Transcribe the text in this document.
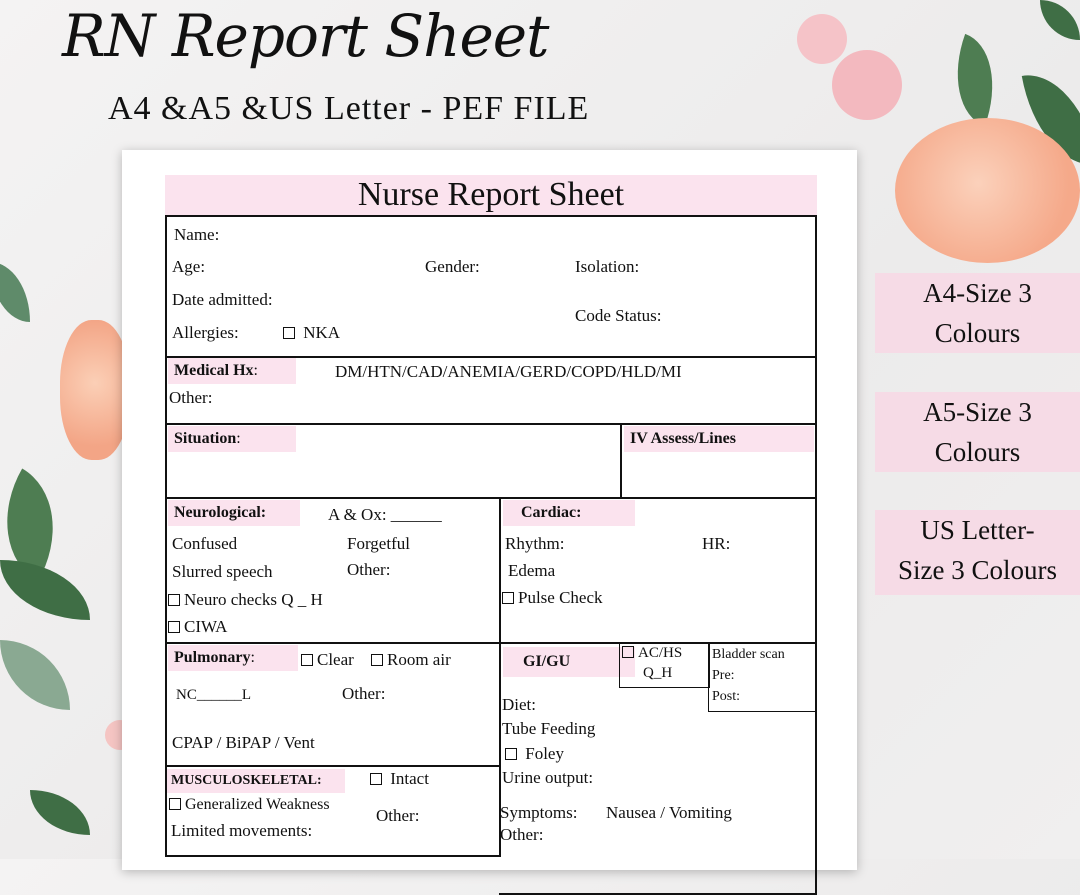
RN Report Sheet
A4 &A5 &US Letter - PEF FILE
A4-Size 3
Colours
A5-Size 3
Colours
US Letter-
Size 3 Colours
Nurse Report Sheet
Name:
Age:	Gender:	Isolation:
Date admitted:
Allergies:	NKA
Code Status:
Medical Hx:	DM/HTN/CAD/ANEMIA/GERD/COPD/HLD/MI
Other:
Situation:	IV Assess/Lines
Neurological:	A & Ox: ______
Confused	Forgetful
Slurred speech	Other:
Neuro checks Q _ H
CIWA
Cardiac:
Rhythm:	HR:
Edema
Pulse Check
Pulmonary:	Clear	Room air
NC______L	Other:
CPAP / BiPAP / Vent
GI/GU	AC/HS
Q_H
Bladder scan
Pre:
Post:
Diet:
Tube Feeding
Foley
Urine output:
Symptoms: Nausea / Vomiting
Other:
MUSCULOSKELETAL:	Intact
Generalized Weakness
Limited movements:
Other:
